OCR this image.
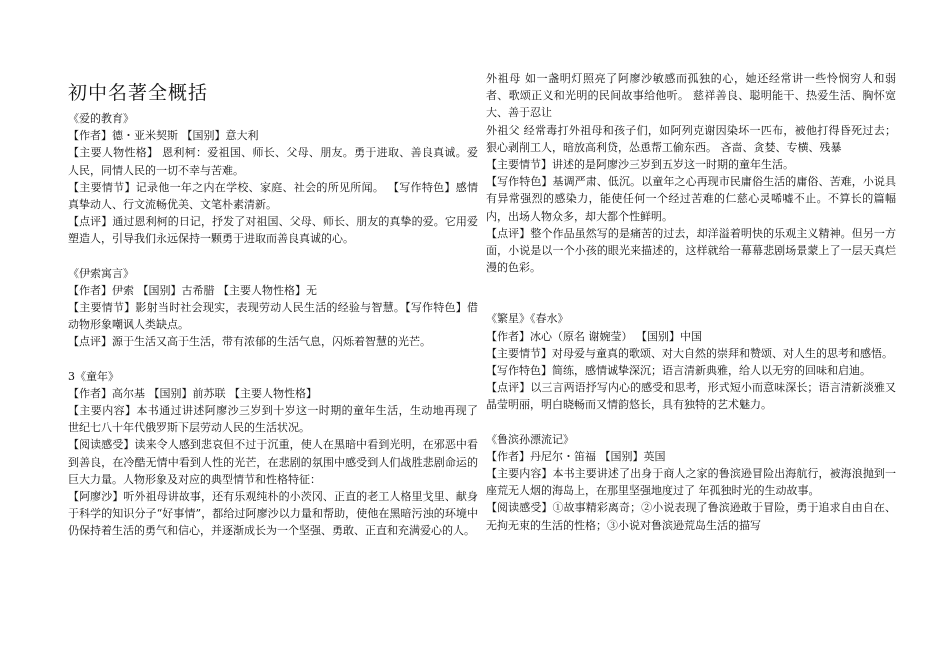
初中名著全概括

《爱的教育》

【作者】德・亚米契斯 【国别】意大利

【主要人物性格】 恩利柯：爱祖国、师长、父母、朋友。勇于进取、善良真诚。爱人民，同情人民的一切不幸与苦难。

【主要情节】记录他一年之内在学校、家庭、社会的所见所闻。 【写作特色】感情真挚动人、行文流畅优美、文笔朴素清新。

【点评】通过恩利柯的日记，抒发了对祖国、父母、师长、朋友的真挚的爱。它用爱塑造人，引导我们永远保持一颗勇于进取而善良真诚的心。

《伊索寓言》

【作者】伊索 【国别】古希腊 【主要人物性格】无

【主要情节】影射当时社会现实，表现劳动人民生活的经验与智慧。【写作特色】借动物形象嘲讽人类缺点。

【点评】源于生活又高于生活，带有浓郁的生活气息，闪烁着智慧的光芒。

3《童年》

【作者】高尔基 【国别】前苏联 【主要人物性格】

【主要内容】本书通过讲述阿廖沙三岁到十岁这一时期的童年生活，生动地再现了 世纪七八十年代俄罗斯下层劳动人民的生活状况。

【阅读感受】读来令人感到悲哀但不过于沉重，使人在黑暗中看到光明，在邪恶中看到善良，在冷酷无情中看到人性的光芒，在悲剧的氛围中感受到人们战胜悲剧命运的巨大力量。人物形象及对应的典型情节和性格特征：

【阿廖沙】听外祖母讲故事，还有乐观纯朴的小茨冈、正直的老工人格里戈里、献身于科学的知识分子“好事情”，都给过阿廖沙以力量和帮助，使他在黑暗污浊的环境中仍保持着生活的勇气和信心，并逐渐成长为一个坚强、勇敢、正直和充满爱心的人。

外祖母 如一盏明灯照亮了阿廖沙敏感而孤独的心，她还经常讲一些怜悯穷人和弱者、歌颂正义和光明的民间故事给他听。 慈祥善良、聪明能干、热爱生活、胸怀宽大、善于忍让

外祖父 经常毒打外祖母和孩子们，如阿列克谢因染坏一匹布，被他打得昏死过去；狠心剥削工人，暗放高利贷，怂恿帮工偷东西。 吝啬、贪婪、专横、残暴

【主要情节】讲述的是阿廖沙三岁到五岁这一时期的童年生活。

【写作特色】基调严肃、低沉。以童年之心再现市民庸俗生活的庸俗、苦难，小说具有异常强烈的感染力，能使任何一个经过苦难的仁慈心灵唏嘘不止。不算长的篇幅内，出场人物众多，却大都个性鲜明。

【点评】整个作品虽然写的是痛苦的过去，却洋溢着明快的乐观主义精神。但另一方面，小说是以一个小孩的眼光来描述的，这样就给一幕幕悲剧场景蒙上了一层天真烂漫的色彩。

《繁星》《春水》

【作者】冰心（原名 谢婉莹） 【国别】中国

【主要情节】对母爱与童真的歌颂、对大自然的崇拜和赞颂、对人生的思考和感悟。

【写作特色】简练，感情诚挚深沉；语言清新典雅，给人以无穷的回味和启迪。

【点评】以三言两语抒写内心的感受和思考，形式短小而意味深长；语言清新淡雅又晶莹明丽，明白晓畅而又情韵悠长，具有独特的艺术魅力。

《鲁滨孙漂流记》

【作者】丹尼尔・笛福 【国别】英国

【主要内容】本书主要讲述了出身于商人之家的鲁滨逊冒险出海航行，被海浪抛到一座荒无人烟的海岛上，在那里坚强地度过了 年孤独时光的生动故事。

【阅读感受】①故事精彩离奇；②小说表现了鲁滨逊敢于冒险，勇于追求自由自在、无拘无束的生活的性格；③小说对鲁滨逊荒岛生活的描写
